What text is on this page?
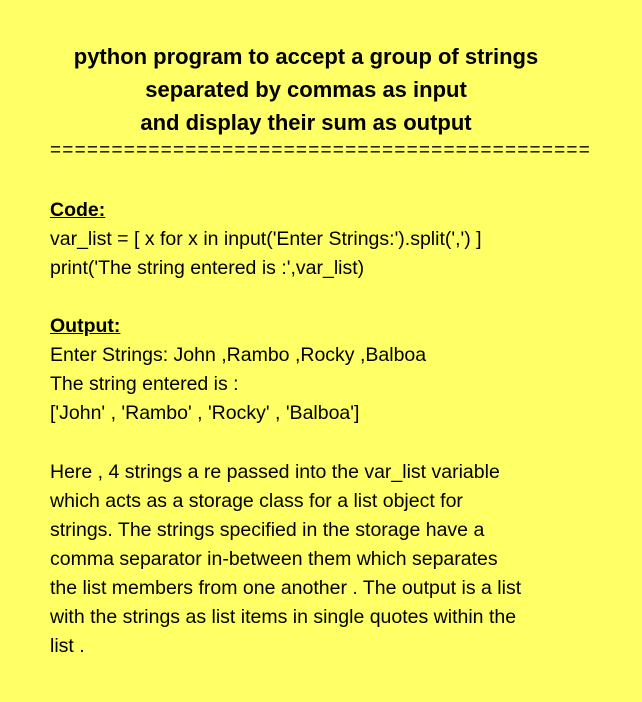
python program to accept a group of strings
separated by commas as input
and display their sum as output
============================================
Code:
var_list = [ x for x in input('Enter Strings:').split(',') ]
print('The string entered is :',var_list)
Output:
Enter Strings: John ,Rambo ,Rocky ,Balboa
The string entered is :
['John' , 'Rambo' , 'Rocky' , 'Balboa']
Here , 4 strings a re passed into the var_list variable
which acts as a storage class for a list object for
strings. The strings specified in the storage have a
comma separator in-between them which separates
the list members from one another . The output is a list
with the strings as list items in single quotes within the
list .
